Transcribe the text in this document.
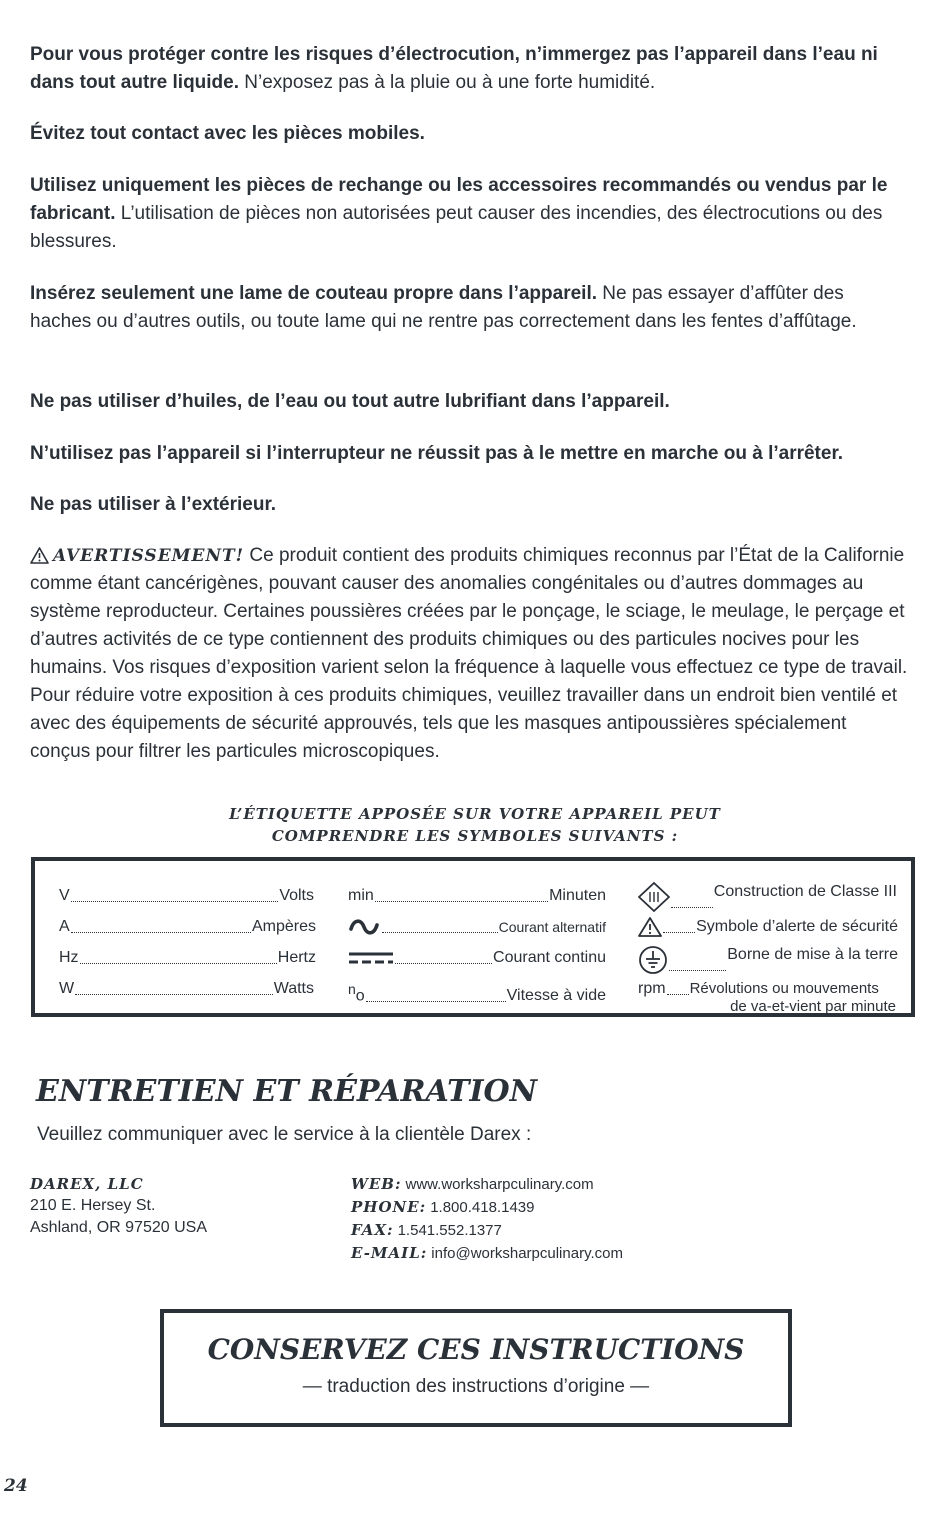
Pour vous protéger contre les risques d’électrocution, n’immergez pas l’appareil dans l’eau ni dans tout autre liquide. N’exposez pas à la pluie ou à une forte humidité.

Évitez tout contact avec les pièces mobiles.

Utilisez uniquement les pièces de rechange ou les accessoires recommandés ou vendus par le fabricant. L’utilisation de pièces non autorisées peut causer des incendies, des électrocutions ou des blessures.

Insérez seulement une lame de couteau propre dans l’appareil. Ne pas essayer d’affûter des haches ou d’autres outils, ou toute lame qui ne rentre pas correctement dans les fentes d’affûtage.

Ne pas utiliser d’huiles, de l’eau ou tout autre lubrifiant dans l’appareil.

N’utilisez pas l’appareil si l’interrupteur ne réussit pas à le mettre en marche ou à l’arrêter.

Ne pas utiliser à l’extérieur.

AVERTISSEMENT! Ce produit contient des produits chimiques reconnus par l’État de la Californie comme étant cancérigènes, pouvant causer des anomalies congénitales ou d’autres dommages au système reproducteur. Certaines poussières créées par le ponçage, le sciage, le meulage, le perçage et d’autres activités de ce type contiennent des produits chimiques ou des particules nocives pour les humains. Vos risques d’exposition varient selon la fréquence à laquelle vous effectuez ce type de travail. Pour réduire votre exposition à ces produits chimiques, veuillez travailler dans un endroit bien ventilé et avec des équipements de sécurité approuvés, tels que les masques antipoussières spécialement conçus pour filtrer les particules microscopiques.

L’ÉTIQUETTE APPOSÉE SUR VOTRE APPAREIL PEUT
COMPRENDRE LES SYMBOLES SUIVANTS :
V	Volts
A	Ampères
Hz	Hertz
W	Watts
min	Minuten
Courant alternatif
Courant continu
$^n$o	Vitesse à vide
Construction de Classe III
Symbole d’alerte de sécurité
Borne de mise à la terre
rpm Révolutions ou mouvements
de va-et-vient par minute
ENTRETIEN ET RÉPARATION

Veuillez communiquer avec le service à la clientèle Darex :

DAREX, LLC
210 E. Hersey St.
Ashland, OR 97520 USA
WEB: www.worksharpculinary.com
PHONE: 1.800.418.1439
FAX: 1.541.552.1377
E-MAIL: info@worksharpculinary.com

CONSERVEZ CES INSTRUCTIONS

— traduction des instructions d’origine —

24
